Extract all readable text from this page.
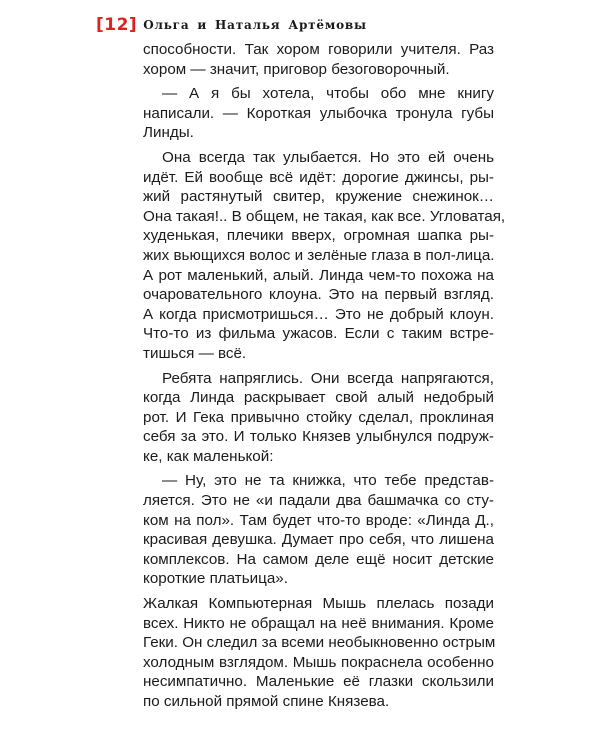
[12] Ольга и Наталья Артёмовы

способности. Так хором говорили учителя. Раз
хором — значит, приговор безоговорочный.

— А я бы хотела, чтобы обо мне книгу
написали. — Короткая улыбочка тронула губы
Линды.

Она всегда так улыбается. Но это ей очень
идёт. Ей вообще всё идёт: дорогие джинсы, ры-
жий растянутый свитер, кружение снежинок…
Она такая!.. В общем, не такая, как все. Угловатая,
худенькая, плечики вверх, огромная шапка ры-
жих вьющихся волос и зелёные глаза в пол-лица.
А рот маленький, алый. Линда чем-то похожа на
очаровательного клоуна. Это на первый взгляд.
А когда присмотришься… Это не добрый клоун.
Что-то из фильма ужасов. Если с таким встре-
тишься — всё.

Ребята напряглись. Они всегда напрягаются,
когда Линда раскрывает свой алый недобрый
рот. И Гека привычно стойку сделал, проклиная
себя за это. И только Князев улыбнулся подруж-
ке, как маленькой:

— Ну, это не та книжка, что тебе представ-
ляется. Это не «и падали два башмачка со сту-
ком на пол». Там будет что-то вроде: «Линда Д.,
красивая девушка. Думает про себя, что лишена
комплексов. На самом деле ещё носит детские
короткие платьица».

Жалкая Компьютерная Мышь плелась позади
всех. Никто не обращал на неё внимания. Кроме
Геки. Он следил за всеми необыкновенно острым
холодным взглядом. Мышь покраснела особенно
несимпатично. Маленькие её глазки скользили
по сильной прямой спине Князева.
